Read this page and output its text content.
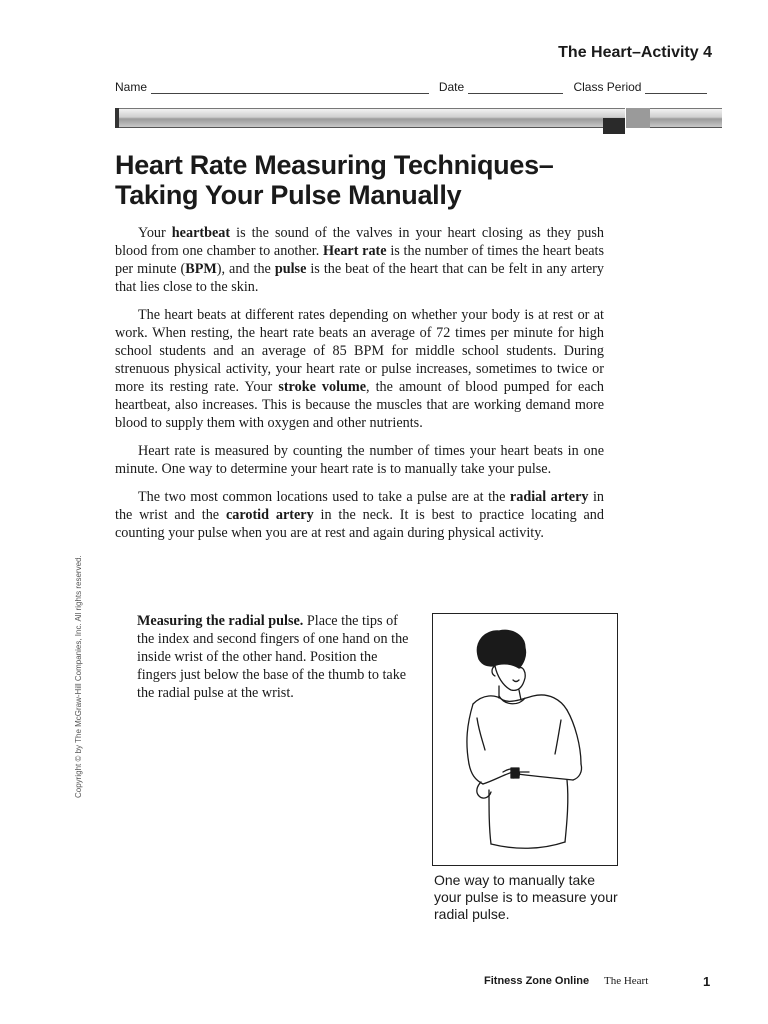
The Heart–Activity 4
Name	Date	Class Period
Heart Rate Measuring Techniques–
Taking Your Pulse Manually

Your heartbeat is the sound of the valves in your heart closing as they push blood from one chamber to another. Heart rate is the number of times the heart beats per minute (BPM), and the pulse is the beat of the heart that can be felt in any artery that lies close to the skin.

The heart beats at different rates depending on whether your body is at rest or at work. When resting, the heart rate beats an average of 72 times per minute for high school students and an average of 85 BPM for middle school students. During strenuous physical activity, your heart rate or pulse increases, sometimes to twice or more its resting rate. Your stroke volume, the amount of blood pumped for each heartbeat, also increases. This is because the muscles that are working demand more blood to supply them with oxygen and other nutrients.

Heart rate is measured by counting the number of times your heart beats in one minute. One way to determine your heart rate is to manually take your pulse.

The two most common locations used to take a pulse are at the radial artery in the wrist and the carotid artery in the neck. It is best to practice locating and counting your pulse when you are at rest and again during physical activity.

Measuring the radial pulse. Place the tips of the index and second fingers of one hand on the inside wrist of the other hand. Position the fingers just below the base of the thumb to take the radial pulse at the wrist.
One way to manually take your pulse is to measure your radial pulse.
Copyright © by The McGraw-Hill Companies, Inc. All rights reserved.
Fitness Zone Online The Heart	1
